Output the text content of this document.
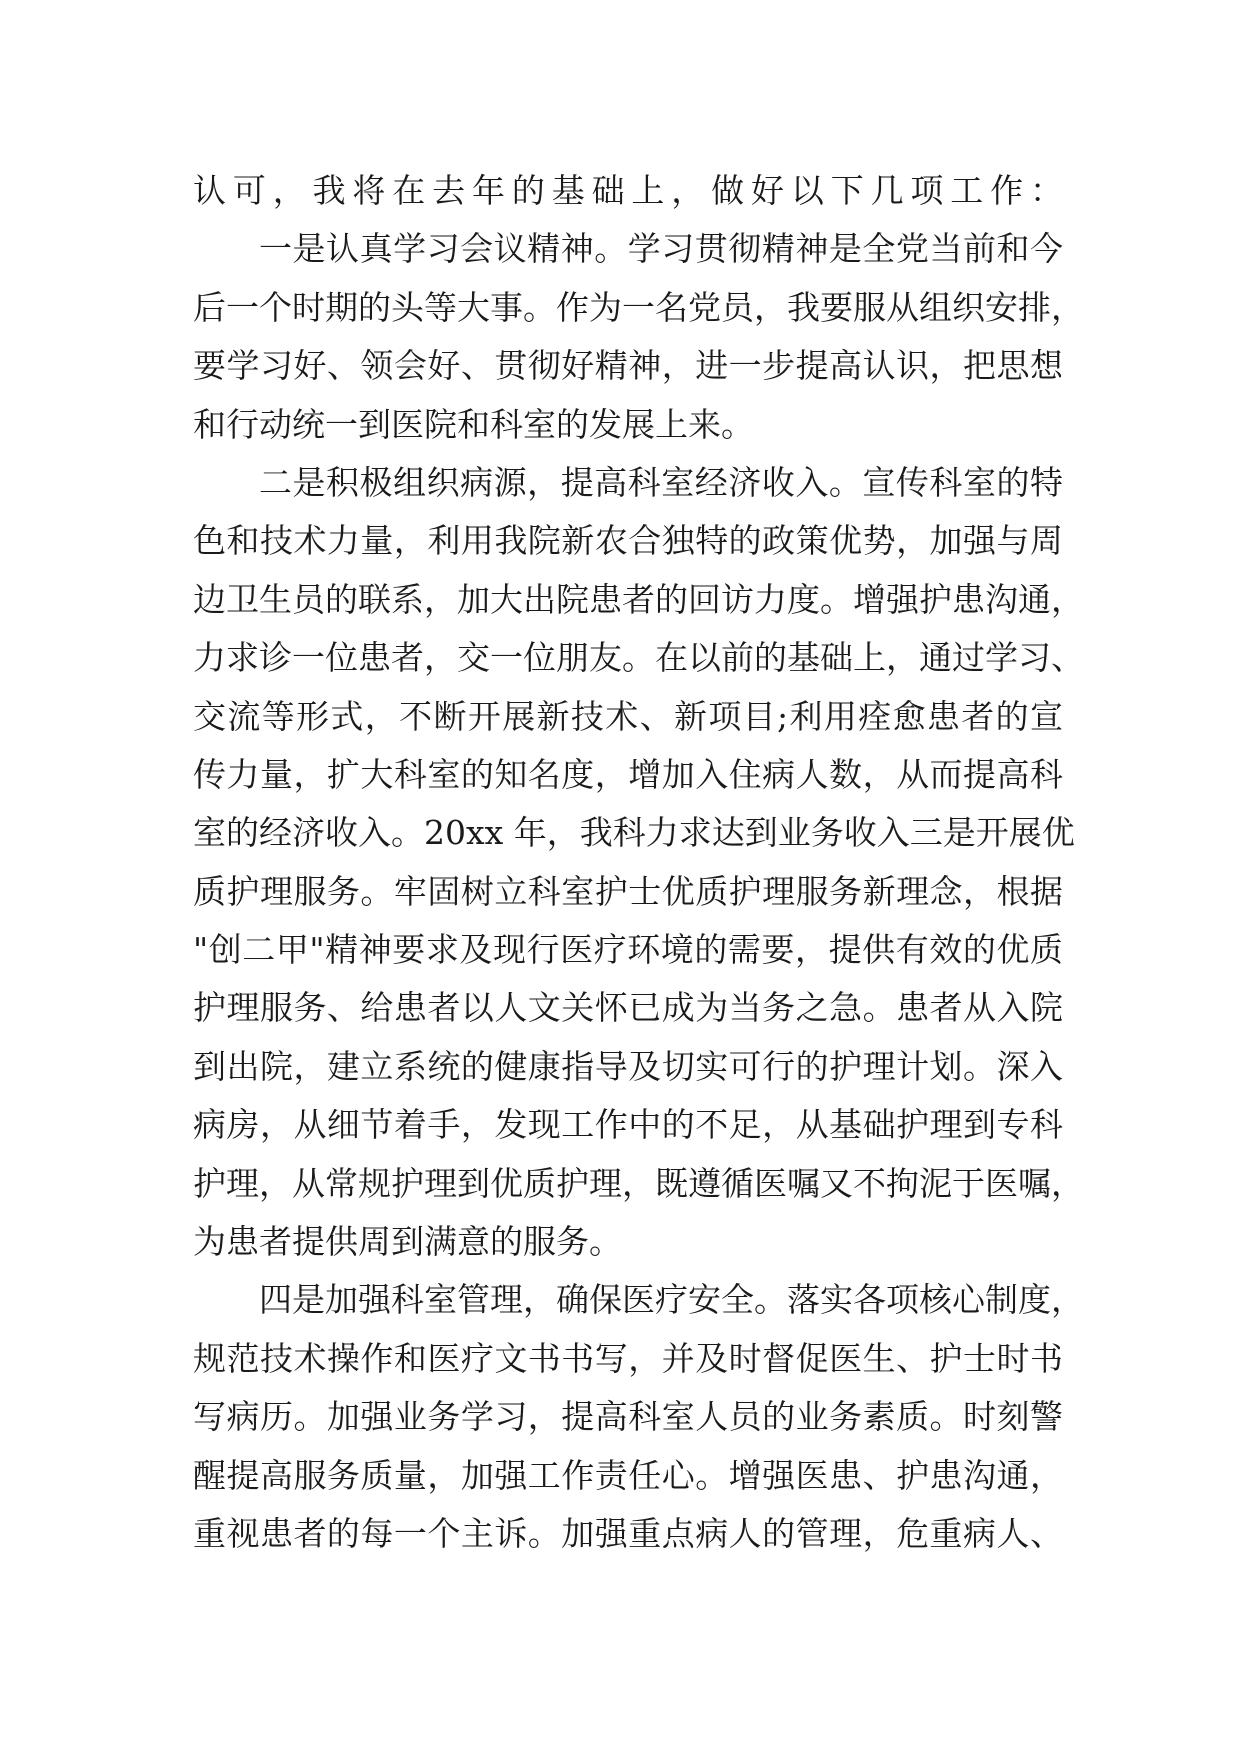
认可，我将在去年的基础上，做好以下几项工作：
一是认真学习会议精神。学习贯彻精神是全党当前和今
后一个时期的头等大事。作为一名党员，我要服从组织安排，
要学习好、领会好、贯彻好精神，进一步提高认识，把思想
和行动统一到医院和科室的发展上来。
二是积极组织病源，提高科室经济收入。宣传科室的特
色和技术力量，利用我院新农合独特的政策优势，加强与周
边卫生员的联系，加大出院患者的回访力度。增强护患沟通，
力求诊一位患者，交一位朋友。在以前的基础上，通过学习、
交流等形式，不断开展新技术、新项目;利用痊愈患者的宣
传力量，扩大科室的知名度，增加入住病人数，从而提高科
室的经济收入。20xx 年，我科力求达到业务收入三是开展优
质护理服务。牢固树立科室护士优质护理服务新理念，根据
"创二甲"精神要求及现行医疗环境的需要，提供有效的优质
护理服务、给患者以人文关怀已成为当务之急。患者从入院
到出院，建立系统的健康指导及切实可行的护理计划。深入
病房，从细节着手，发现工作中的不足，从基础护理到专科
护理，从常规护理到优质护理，既遵循医嘱又不拘泥于医嘱，
为患者提供周到满意的服务。
四是加强科室管理，确保医疗安全。落实各项核心制度，
规范技术操作和医疗文书书写，并及时督促医生、护士时书
写病历。加强业务学习，提高科室人员的业务素质。时刻警
醒提高服务质量，加强工作责任心。增强医患、护患沟通，
重视患者的每一个主诉。加强重点病人的管理，危重病人、
